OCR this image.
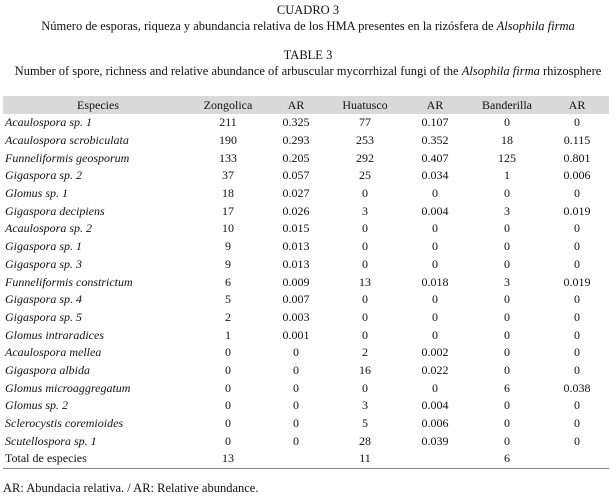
CUADRO 3
Número de esporas, riqueza y abundancia relativa de los HMA presentes en la rizósfera de Alsophila firma
TABLE 3
Number of spore, richness and relative abundance of arbuscular mycorrhizal fungi of the Alsophila firma rhizosphere
Especies	Zongolica	AR	Huatusco	AR	Banderilla	AR
Acaulospora sp. 1	211	0.325	77	0.107	0	0
Acaulospora scrobiculata	190	0.293	253	0.352	18	0.115
Funneliformis geosporum	133	0.205	292	0.407	125	0.801
Gigaspora sp. 2	37	0.057	25	0.034	1	0.006
Glomus sp. 1	18	0.027	0	0	0	0
Gigaspora decipiens	17	0.026	3	0.004	3	0.019
Acaulospora sp. 2	10	0.015	0	0	0	0
Gigaspora sp. 1	9	0.013	0	0	0	0
Gigaspora sp. 3	9	0.013	0	0	0	0
Funneliformis constrictum	6	0.009	13	0.018	3	0.019
Gigaspora sp. 4	5	0.007	0	0	0	0
Gigaspora sp. 5	2	0.003	0	0	0	0
Glomus intraradices	1	0.001	0	0	0	0
Acaulospora mellea	0	0	2	0.002	0	0
Gigaspora albida	0	0	16	0.022	0	0
Glomus microaggregatum	0	0	0	0	6	0.038
Glomus sp. 2	0	0	3	0.004	0	0
Sclerocystis coremioides	0	0	5	0.006	0	0
Scutellospora sp. 1	0	0	28	0.039	0	0
Total de especies	13		11		6	
AR: Abundacia relativa. / AR: Relative abundance.
